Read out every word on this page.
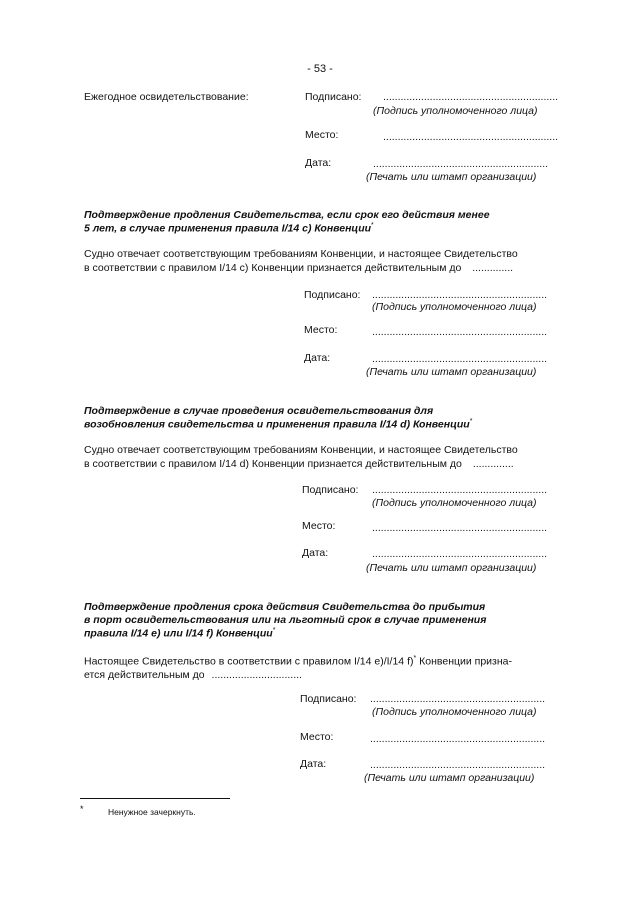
- 53 -
Ежегодное освидетельствование:	Подписано: ............................................................
(Подпись уполномоченного лица)
Место:	............................................................
Дата:	............................................................
(Печать или штамп организации)
Подтверждение продления Свидетельства, если срок его действия менее
5 лет, в случае применения правила I/14 с) Конвенции*
Судно отвечает соответствующим требованиям Конвенции, и настоящее Свидетельство
в соответствии с правилом I/14 с) Конвенции признается действительным до ..............
Подписано: ............................................................
(Подпись уполномоченного лица)
Место:	............................................................
Дата:	............................................................
(Печать или штамп организации)
Подтверждение в случае проведения освидетельствования для
возобновления свидетельства и применения правила I/14 d) Конвенции*
Судно отвечает соответствующим требованиям Конвенции, и настоящее Свидетельство
в соответствии с правилом I/14 d) Конвенции признается действительным до ..............
Подписано: ............................................................
(Подпись уполномоченного лица)
Место:	............................................................
Дата:	............................................................
(Печать или штамп организации)
Подтверждение продления срока действия Свидетельства до прибытия
в порт освидетельствования или на льготный срок в случае применения
правила I/14 е) или I/14 f) Конвенции*
Настоящее Свидетельство в соответствии с правилом I/14 е)/I/14 f)* Конвенции призна-
ется действительным до ...............................
Подписано: ............................................................
(Подпись уполномоченного лица)
Место:	............................................................
Дата:	............................................................
(Печать или штамп организации)
*	Ненужное зачеркнуть.
